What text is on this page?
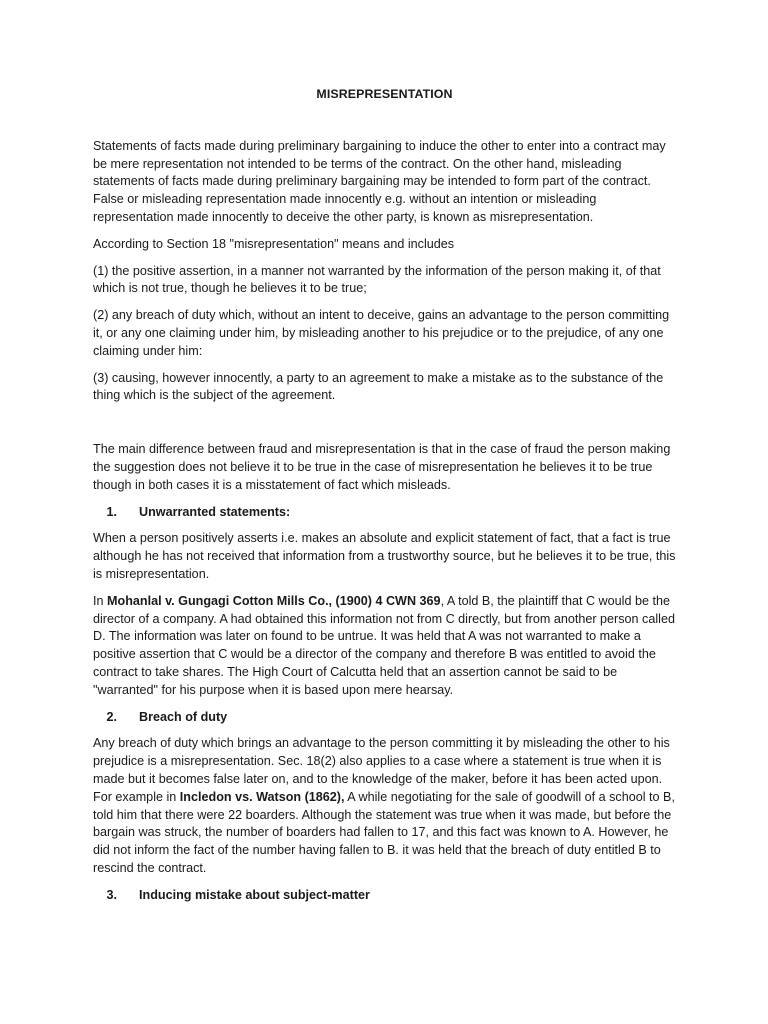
MISREPRESENTATION

Statements of facts made during preliminary bargaining to induce the other to enter into a contract may be mere representation not intended to be terms of the contract. On the other hand, misleading statements of facts made during preliminary bargaining may be intended to form part of the contract. False or misleading representation made innocently e.g. without an intention or misleading representation made innocently to deceive the other party, is known as misrepresentation.

According to Section 18 "misrepresentation" means and includes

(1) the positive assertion, in a manner not warranted by the information of the person making it, of that which is not true, though he believes it to be true;

(2) any breach of duty which, without an intent to deceive, gains an advantage to the person committing it, or any one claiming under him, by misleading another to his prejudice or to the prejudice, of any one claiming under him:

(3) causing, however innocently, a party to an agreement to make a mistake as to the substance of the thing which is the subject of the agreement.

The main difference between fraud and misrepresentation is that in the case of fraud the person making the suggestion does not believe it to be true in the case of misrepresentation he believes it to be true though in both cases it is a misstatement of fact which misleads.

1.	Unwarranted statements:

When a person positively asserts i.e. makes an absolute and explicit statement of fact, that a fact is true although he has not received that information from a trustworthy source, but he believes it to be true, this is misrepresentation.

In Mohanlal v. Gungagi Cotton Mills Co., (1900) 4 CWN 369, A told B, the plaintiff that C would be the director of a company. A had obtained this information not from C directly, but from another person called D. The information was later on found to be untrue. It was held that A was not warranted to make a positive assertion that C would be a director of the company and therefore B was entitled to avoid the contract to take shares. The High Court of Calcutta held that an assertion cannot be said to be "warranted" for his purpose when it is based upon mere hearsay.

2.	Breach of duty

Any breach of duty which brings an advantage to the person committing it by misleading the other to his prejudice is a misrepresentation. Sec. 18(2) also applies to a case where a statement is true when it is made but it becomes false later on, and to the knowledge of the maker, before it has been acted upon. For example in Incledon vs. Watson (1862), A while negotiating for the sale of goodwill of a school to B, told him that there were 22 boarders. Although the statement was true when it was made, but before the bargain was struck, the number of boarders had fallen to 17, and this fact was known to A. However, he did not inform the fact of the number having fallen to B. it was held that the breach of duty entitled B to rescind the contract.

3.	Inducing mistake about subject-matter
